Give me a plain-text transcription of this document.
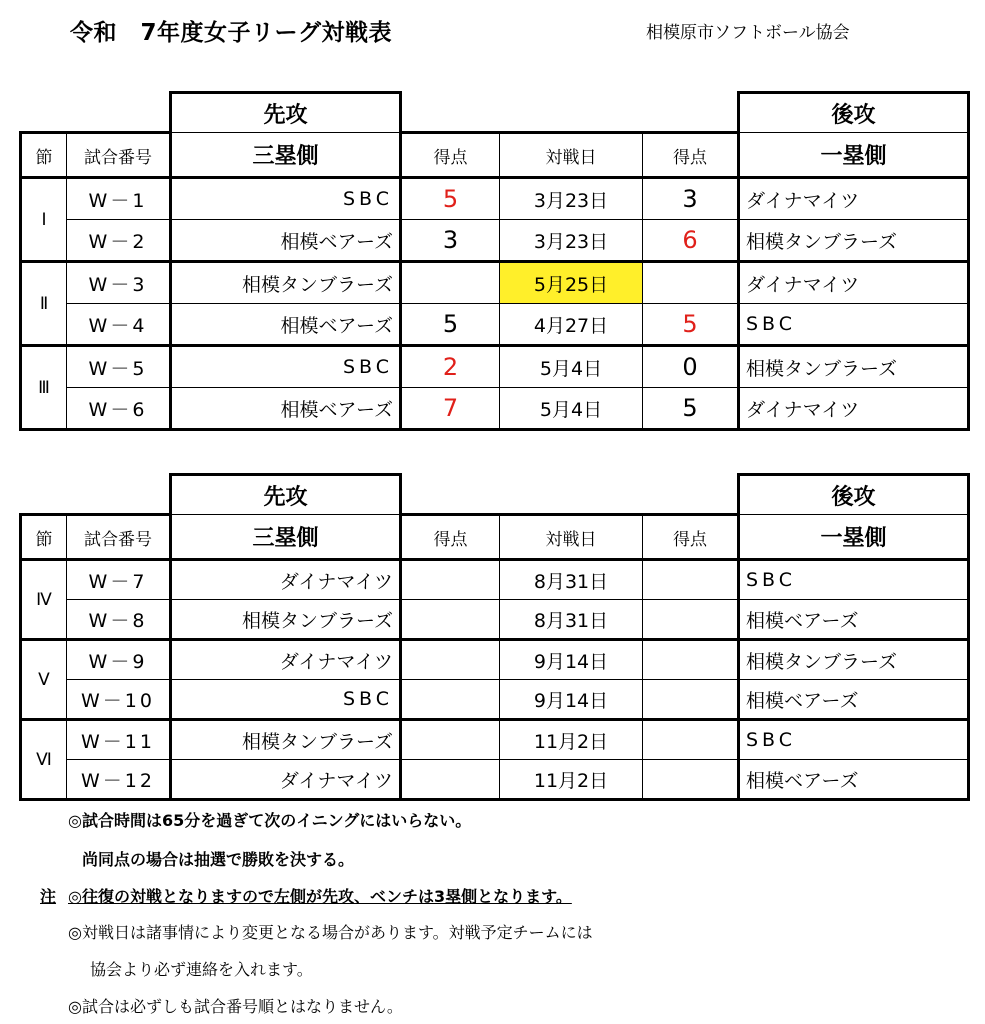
令和　7年度女子リーグ対戦表	相模原市ソフトボール協会
		先攻				後攻
節	試合番号	三塁側	得点	対戦日	得点	一塁側
Ⅰ	W－1	SBC	5	3月23日	3	ダイナマイツ
	W－2	相模ベアーズ	3	3月23日	6	相模タンブラーズ
Ⅱ	W－3	相模タンブラーズ		5月25日		ダイナマイツ
	W－4	相模ベアーズ	5	4月27日	5	SBC
Ⅲ	W－5	SBC	2	5月4日	0	相模タンブラーズ
	W－6	相模ベアーズ	7	5月4日	5	ダイナマイツ
		先攻				後攻
節	試合番号	三塁側	得点	対戦日	得点	一塁側
Ⅳ	W－7	ダイナマイツ		8月31日		SBC
	W－8	相模タンブラーズ		8月31日		相模ベアーズ
Ⅴ	W－9	ダイナマイツ		9月14日		相模タンブラーズ
	W－10	SBC		9月14日		相模ベアーズ
Ⅵ	W－11	相模タンブラーズ		11月2日		SBC
	W－12	ダイナマイツ		11月2日		相模ベアーズ
◎試合時間は65分を過ぎて次のイニングにはいらない。
尚同点の場合は抽選で勝敗を決する。
注 ◎往復の対戦となりますので左側が先攻、ベンチは3塁側となります。
◎対戦日は諸事情により変更となる場合があります。対戦予定チームには
協会より必ず連絡を入れます。
◎試合は必ずしも試合番号順とはなりません。
